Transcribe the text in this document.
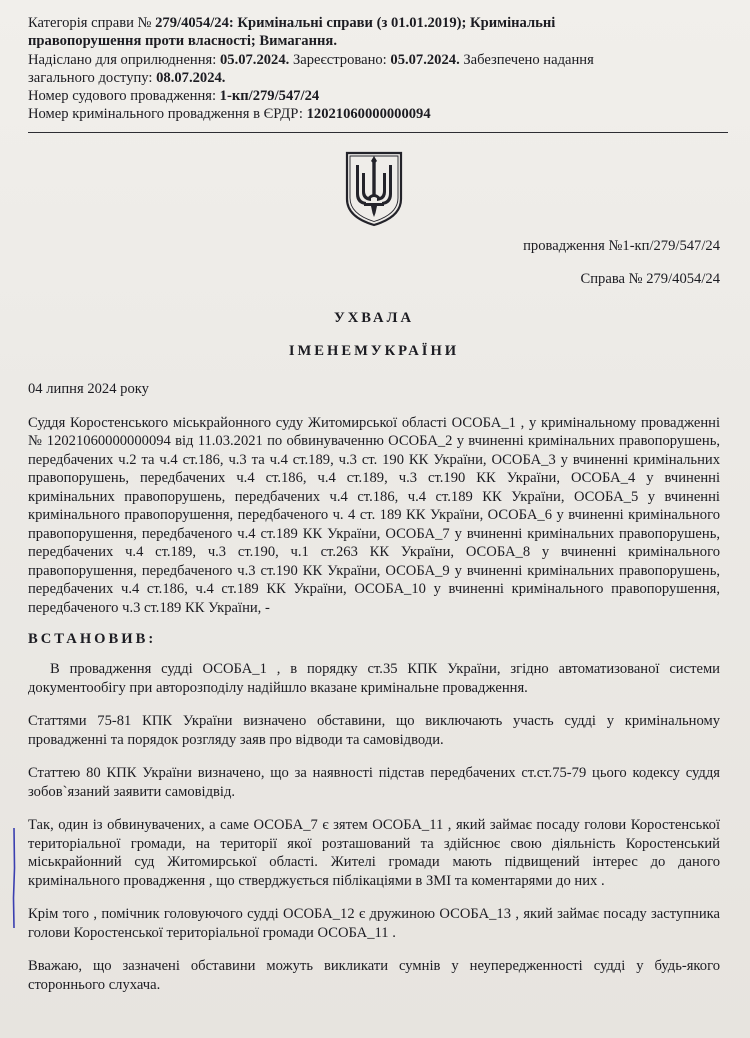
Категорія справи № 279/4054/24: Кримінальні справи (з 01.01.2019); Кримінальні
правопорушення проти власності; Вимагання.
Надіслано для оприлюднення: 05.07.2024. Зареєстровано: 05.07.2024. Забезпечено надання
загального доступу: 08.07.2024.
Номер судового провадження: 1-кп/279/547/24
Номер кримінального провадження в ЄРДР: 12021060000000094
провадження №1-кп/279/547/24
Справа № 279/4054/24
УХВАЛА
ІМЕНЕМУКРАЇНИ
04 липня 2024 року
Суддя Коростенського міськрайонного суду Житомирської області ОСОБА_1 , у кримінальному провадженні № 12021060000000094 від 11.03.2021 по обвинуваченню ОСОБА_2 у вчиненні кримінальних правопорушень, передбачених ч.2 та ч.4 ст.186, ч.3 та ч.4 ст.189, ч.3 ст. 190 КК України, ОСОБА_3 у вчиненні кримінальних правопорушень, передбачених ч.4 ст.186, ч.4 ст.189, ч.3 ст.190 КК України, ОСОБА_4 у вчиненні кримінальних правопорушень, передбачених ч.4 ст.186, ч.4 ст.189 КК України, ОСОБА_5 у вчиненні кримінального правопорушення, передбаченого ч. 4 ст. 189 КК України, ОСОБА_6 у вчиненні кримінального правопорушення, передбаченого ч.4 ст.189 КК України, ОСОБА_7 у вчиненні кримінальних правопорушень, передбачених ч.4 ст.189, ч.3 ст.190, ч.1 ст.263 КК України, ОСОБА_8 у вчиненні кримінального правопорушення, передбаченого ч.3 ст.190 КК України, ОСОБА_9 у вчиненні кримінальних правопорушень, передбачених ч.4 ст.186, ч.4 ст.189 КК України, ОСОБА_10 у вчиненні кримінального правопорушення, передбаченого ч.3 ст.189 КК України, -
ВСТАНОВИВ:
В провадження судді ОСОБА_1 , в порядку ст.35 КПК України, згідно автоматизованої системи документообігу при авторозподілу надійшло вказане кримінальне провадження.
Статтями 75-81 КПК України визначено обставини, що виключають участь судді у кримінальному провадженні та порядок розгляду заяв про відводи та самовідводи.
Статтею 80 КПК України визначено, що за наявності підстав передбачених ст.ст.75-79 цього кодексу суддя зобов`язаний заявити самовідвід.
Так, один із обвинувачених, а саме ОСОБА_7 є зятем ОСОБА_11 , який займає посаду голови Коростенської територіальної громади, на території якої розташований та здійснює свою діяльність Коростенський міськрайонний суд Житомирської області. Жителі громади мають підвищений інтерес до даного кримінального провадження , що стверджується піблікаціями в ЗМІ та коментарями до них .
Крім того , помічник головуючого судді ОСОБА_12 є дружиною ОСОБА_13 , який займає посаду заступника голови Коростенської територіальної громади ОСОБА_11 .
Вважаю, що зазначені обставини можуть викликати сумнів у неупередженності судді у будь-якого стороннього слухача.
